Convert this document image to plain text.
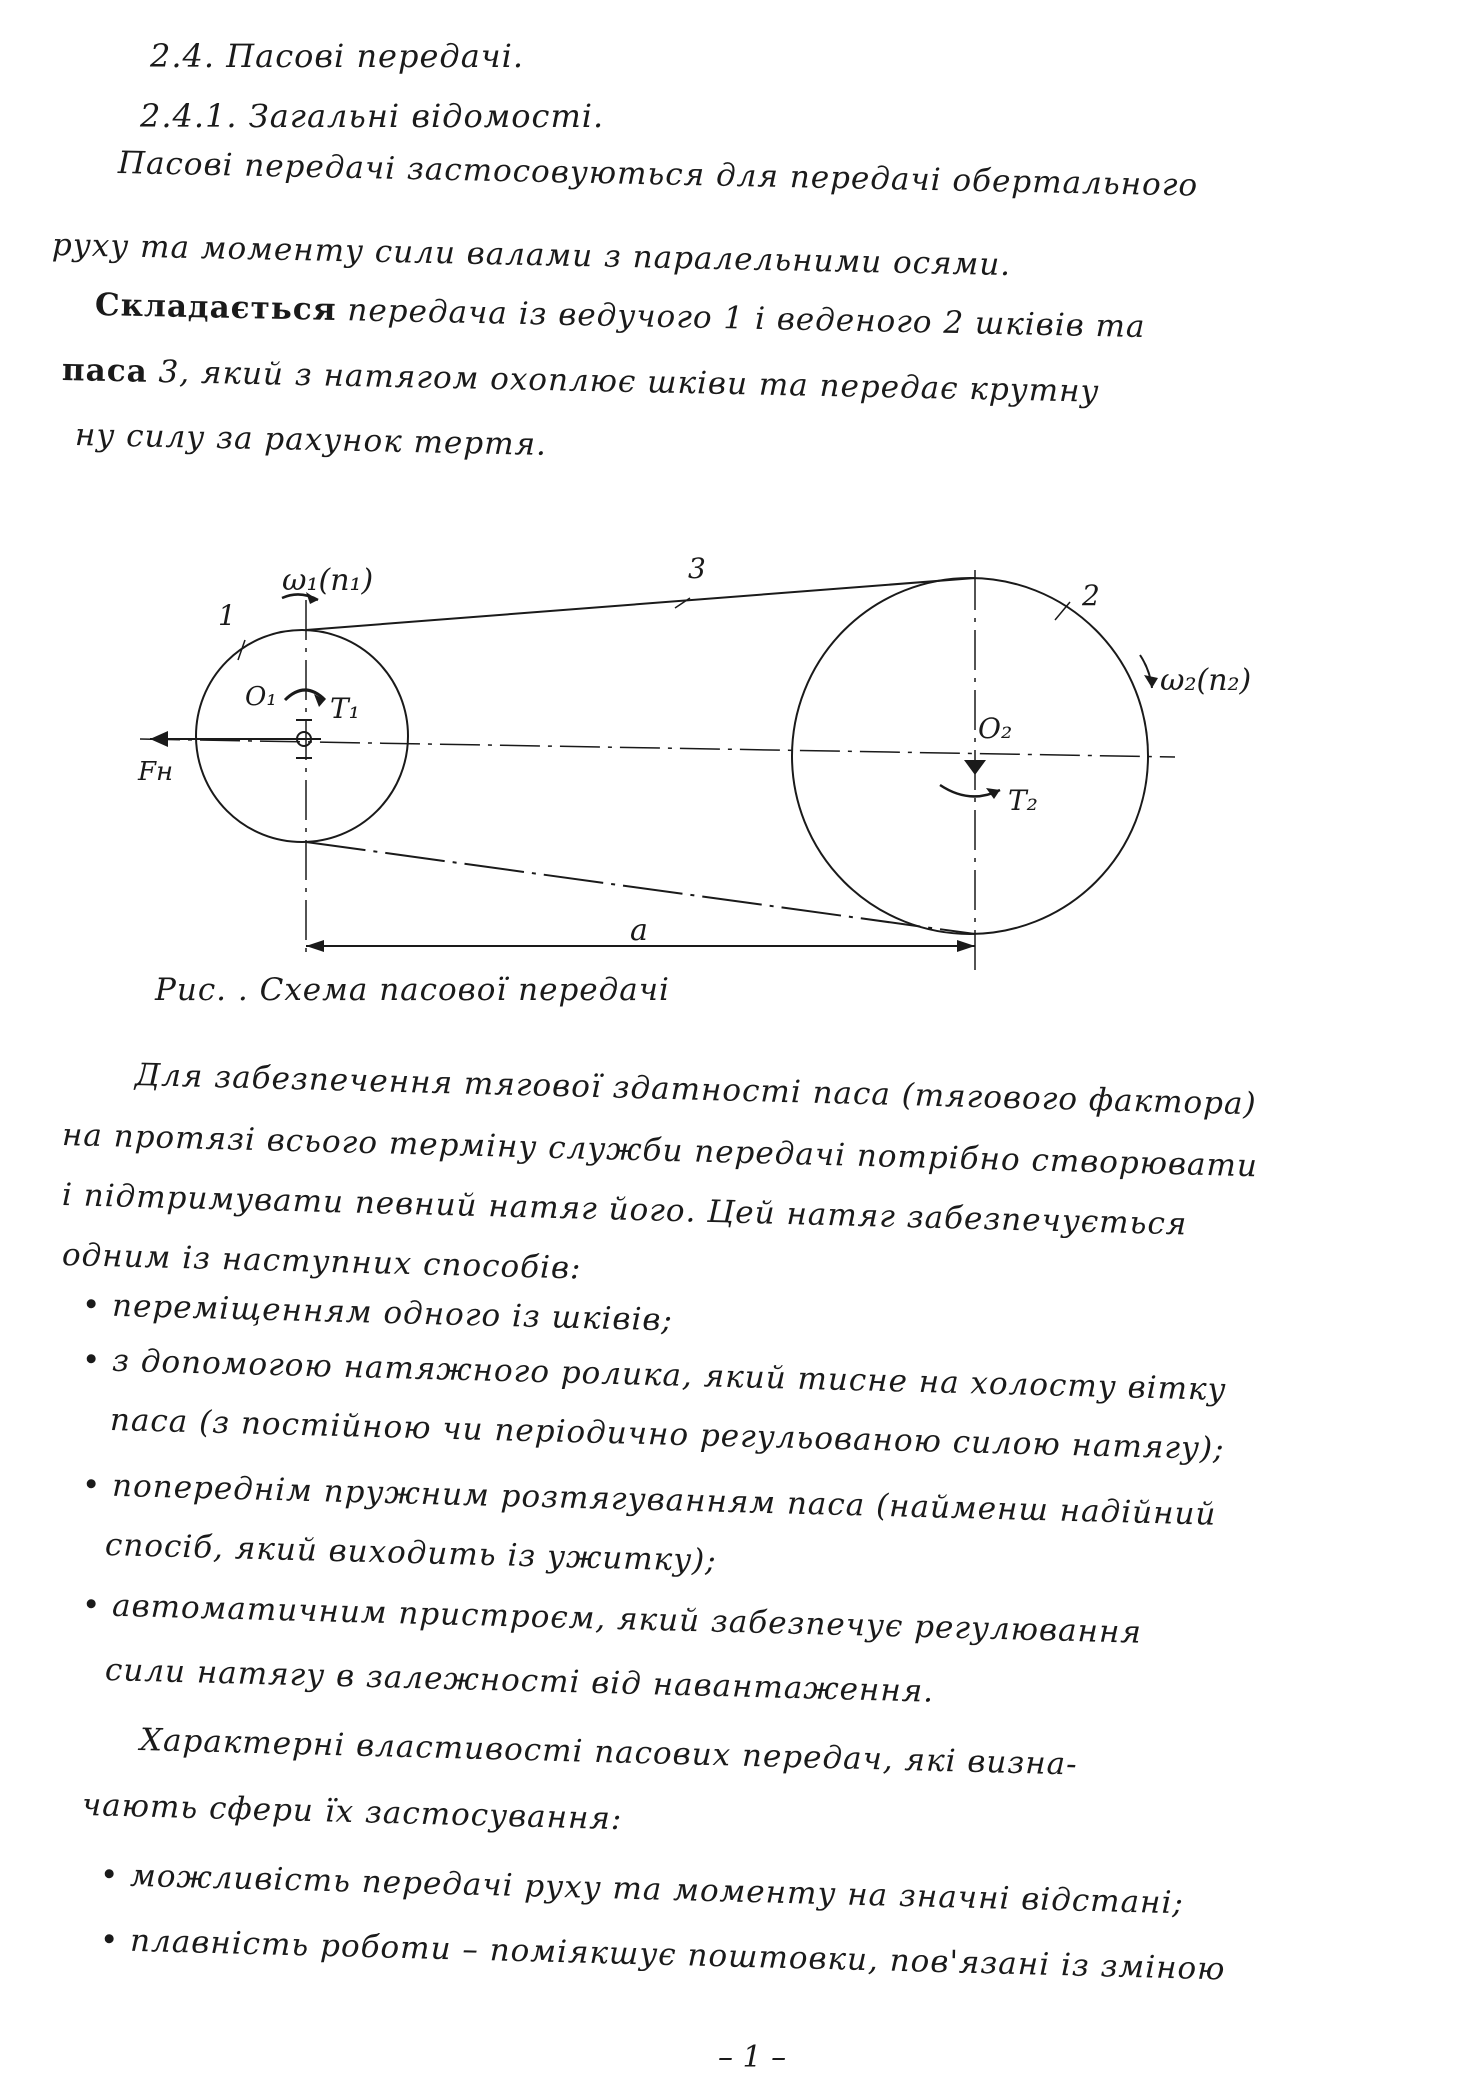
2.4. Пасові передачі.
2.4.1. Загальні відомості.
Пасові передачі застосовуються для передачі обертального
руху та моменту сили валами з паралельними осями.
Складається передача із ведучого 1 і веденого 2 шківів та
паса 3, який з натягом охоплює шківи та передає крутну
ну силу за рахунок тертя.
ω₁(n₁)
ω₂(n₂)
1
2
3
O₁
O₂
T₁
T₂
Fн
a
Рис. . Схема пасової передачі
Для забезпечення тягової здатності паса (тягового фактора)
на протязі всього терміну служби передачі потрібно створювати
і підтримувати певний натяг його. Цей натяг забезпечується
одним із наступних способів:
• переміщенням одного із шківів;
• з допомогою натяжного ролика, який тисне на холосту вітку
паса (з постійною чи періодично регульованою силою натягу);
• попереднім пружним розтягуванням паса (найменш надійний
спосіб, який виходить із ужитку);
• автоматичним пристроєм, який забезпечує регулювання
сили натягу в залежності від навантаження.
Характерні властивості пасових передач, які визна-
чають сфери їх застосування:
• можливість передачі руху та моменту на значні відстані;
• плавність роботи – поміякшує поштовки, пов'язані із зміною
– 1 –
